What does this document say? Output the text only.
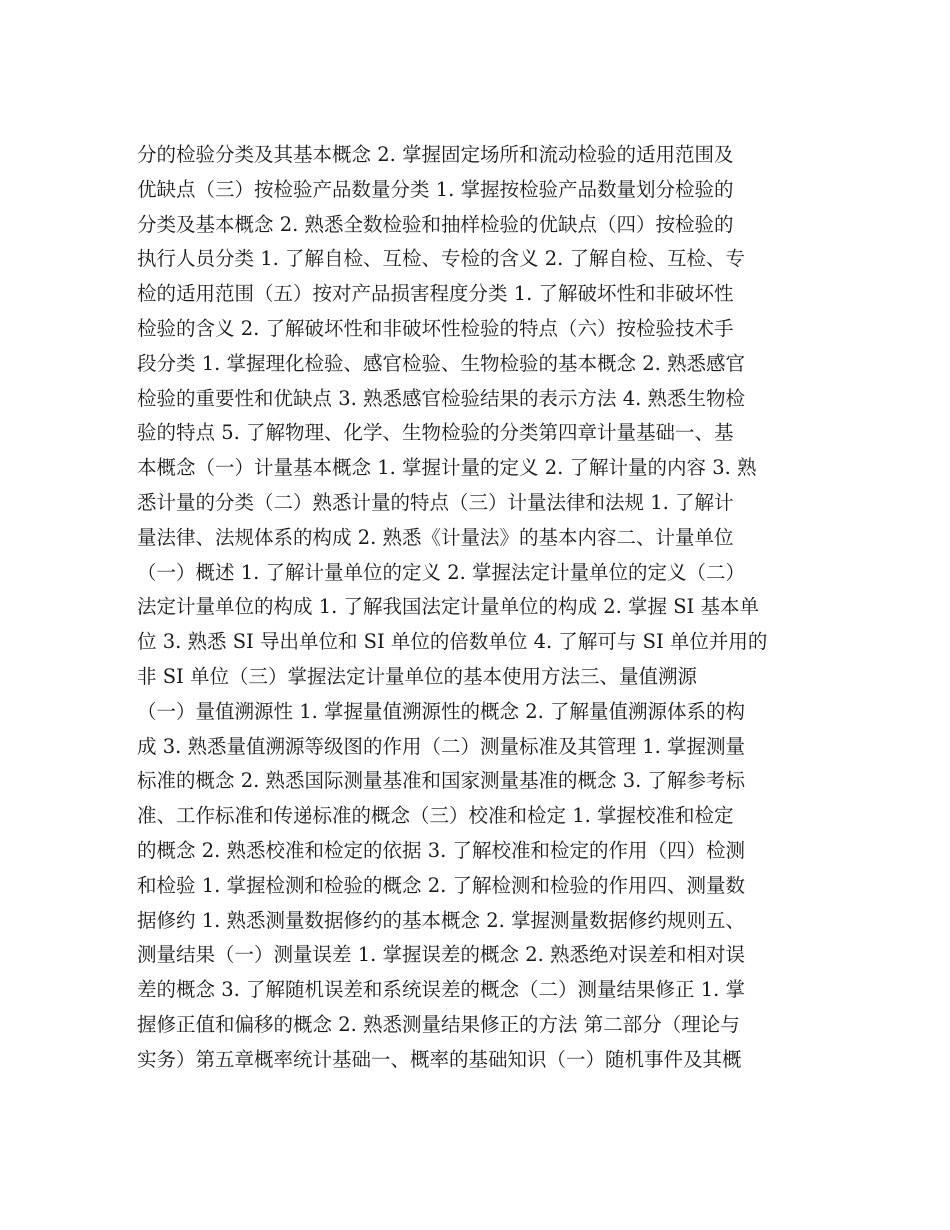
分的检验分类及其基本概念 2. 掌握固定场所和流动检验的适用范围及
优缺点（三）按检验产品数量分类 1. 掌握按检验产品数量划分检验的
分类及基本概念 2. 熟悉全数检验和抽样检验的优缺点（四）按检验的
执行人员分类 1. 了解自检、互检、专检的含义 2. 了解自检、互检、专
检的适用范围（五）按对产品损害程度分类 1. 了解破坏性和非破坏性
检验的含义 2. 了解破坏性和非破坏性检验的特点（六）按检验技术手
段分类 1. 掌握理化检验、感官检验、生物检验的基本概念 2. 熟悉感官
检验的重要性和优缺点 3. 熟悉感官检验结果的表示方法 4. 熟悉生物检
验的特点 5. 了解物理、化学、生物检验的分类第四章计量基础一、基
本概念（一）计量基本概念 1. 掌握计量的定义 2. 了解计量的内容 3. 熟
悉计量的分类（二）熟悉计量的特点（三）计量法律和法规 1. 了解计
量法律、法规体系的构成 2. 熟悉《计量法》的基本内容二、计量单位
（一）概述 1. 了解计量单位的定义 2. 掌握法定计量单位的定义（二）
法定计量单位的构成 1. 了解我国法定计量单位的构成 2. 掌握 SI 基本单
位 3. 熟悉 SI 导出单位和 SI 单位的倍数单位 4. 了解可与 SI 单位并用的
非 SI 单位（三）掌握法定计量单位的基本使用方法三、量值溯源
（一）量值溯源性 1. 掌握量值溯源性的概念 2. 了解量值溯源体系的构
成 3. 熟悉量值溯源等级图的作用（二）测量标准及其管理 1. 掌握测量
标准的概念 2. 熟悉国际测量基准和国家测量基准的概念 3. 了解参考标
准、工作标准和传递标准的概念（三）校准和检定 1. 掌握校准和检定
的概念 2. 熟悉校准和检定的依据 3. 了解校准和检定的作用（四）检测
和检验 1. 掌握检测和检验的概念 2. 了解检测和检验的作用四、测量数
据修约 1. 熟悉测量数据修约的基本概念 2. 掌握测量数据修约规则五、
测量结果（一）测量误差 1. 掌握误差的概念 2. 熟悉绝对误差和相对误
差的概念 3. 了解随机误差和系统误差的概念（二）测量结果修正 1. 掌
握修正值和偏移的概念 2. 熟悉测量结果修正的方法 第二部分（理论与
实务）第五章概率统计基础一、概率的基础知识（一）随机事件及其概
